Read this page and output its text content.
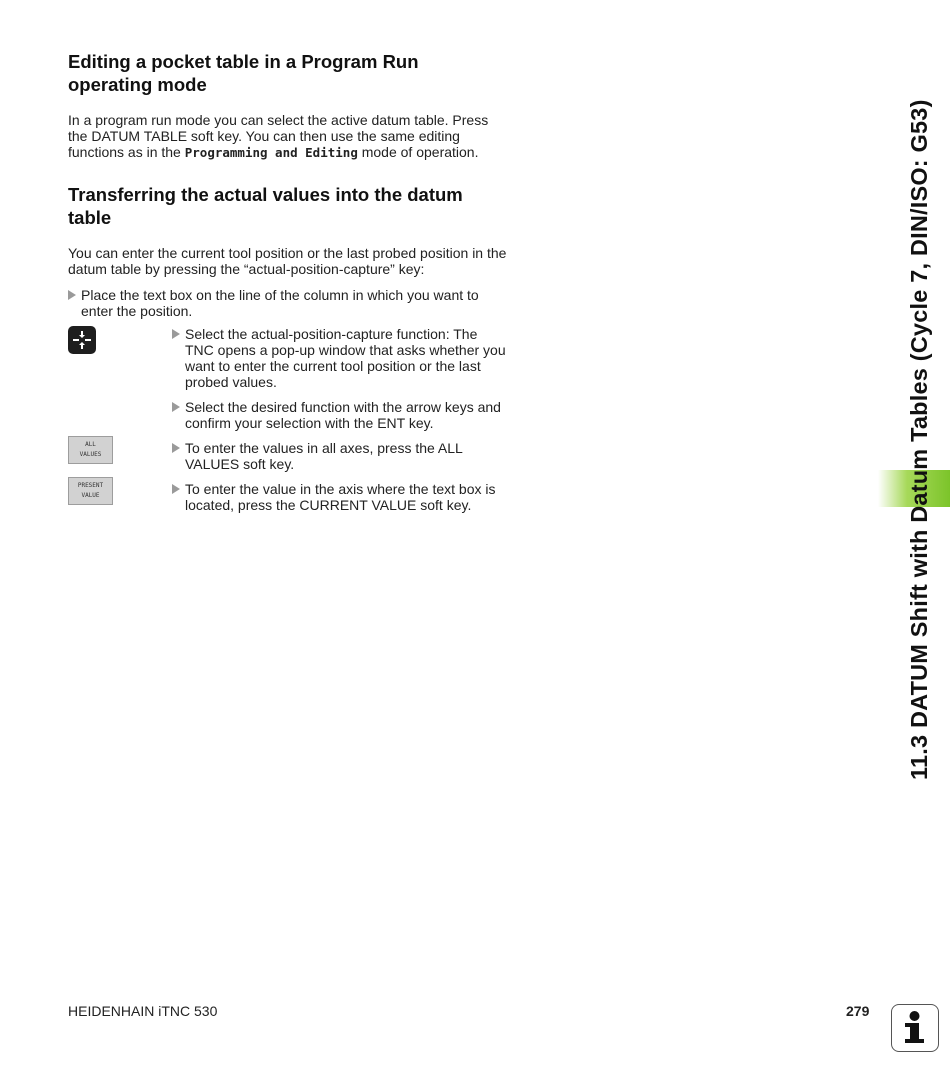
Editing a pocket table in a Program Run
operating mode

In a program run mode you can select the active datum table. Press the DATUM TABLE soft key. You can then use the same editing functions as in the Programming and Editing mode of operation.

Transferring the actual values into the datum
table

You can enter the current tool position or the last probed position in the datum table by pressing the “actual-position-capture” key:

Place the text box on the line of the column in which you want to enter the position.
Select the actual-position-capture function: The TNC opens a pop-up window that asks whether you want to enter the current tool position or the last probed values.
Select the desired function with the arrow keys and confirm your selection with the ENT key.
ALL
VALUES	To enter the values in all axes, press the ALL VALUES soft key.
PRESENT
VALUE	To enter the value in the axis where the text box is located, press the CURRENT VALUE soft key.	11.3 DATUM Shift with Datum Tables (Cycle 7, DIN/ISO: G53)
HEIDENHAIN iTNC 530	279
